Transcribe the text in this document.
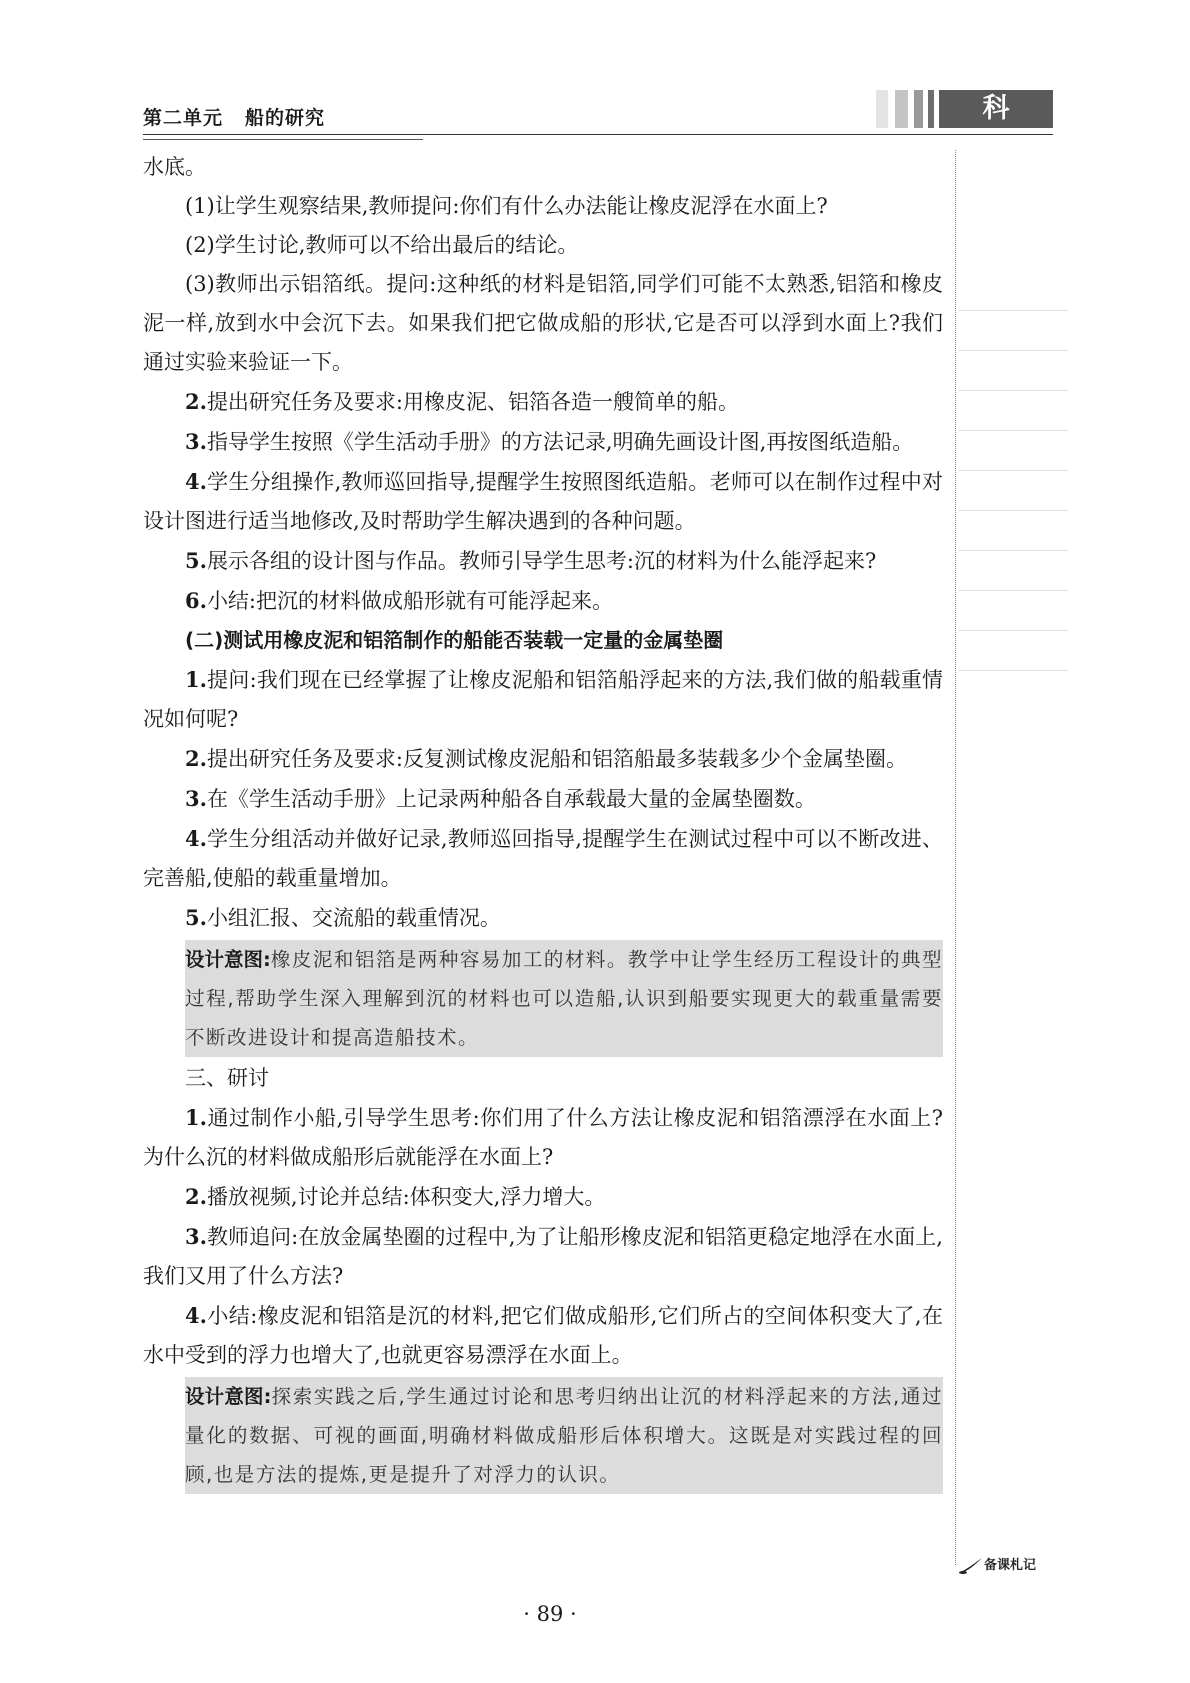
第二单元 船的研究	科 学

水底。

(1)让学生观察结果,教师提问:你们有什么办法能让橡皮泥浮在水面上?

(2)学生讨论,教师可以不给出最后的结论。

(3)教师出示铝箔纸。提问:这种纸的材料是铝箔,同学们可能不太熟悉,铝箔和橡皮泥一样,放到水中会沉下去。如果我们把它做成船的形状,它是否可以浮到水面上?我们通过实验来验证一下。

2.提出研究任务及要求:用橡皮泥、铝箔各造一艘简单的船。

3.指导学生按照《学生活动手册》的方法记录,明确先画设计图,再按图纸造船。

4.学生分组操作,教师巡回指导,提醒学生按照图纸造船。老师可以在制作过程中对设计图进行适当地修改,及时帮助学生解决遇到的各种问题。

5.展示各组的设计图与作品。教师引导学生思考:沉的材料为什么能浮起来?

6.小结:把沉的材料做成船形就有可能浮起来。

(二)测试用橡皮泥和铝箔制作的船能否装载一定量的金属垫圈

1.提问:我们现在已经掌握了让橡皮泥船和铝箔船浮起来的方法,我们做的船载重情况如何呢?

2.提出研究任务及要求:反复测试橡皮泥船和铝箔船最多装载多少个金属垫圈。

3.在《学生活动手册》上记录两种船各自承载最大量的金属垫圈数。

4.学生分组活动并做好记录,教师巡回指导,提醒学生在测试过程中可以不断改进、完善船,使船的载重量增加。

5.小组汇报、交流船的载重情况。

设计意图:橡皮泥和铝箔是两种容易加工的材料。教学中让学生经历工程设计的典型过程,帮助学生深入理解到沉的材料也可以造船,认识到船要实现更大的载重量需要不断改进设计和提高造船技术。
三、研讨

1.通过制作小船,引导学生思考:你们用了什么方法让橡皮泥和铝箔漂浮在水面上?为什么沉的材料做成船形后就能浮在水面上?

2.播放视频,讨论并总结:体积变大,浮力增大。

3.教师追问:在放金属垫圈的过程中,为了让船形橡皮泥和铝箔更稳定地浮在水面上,我们又用了什么方法?

4.小结:橡皮泥和铝箔是沉的材料,把它们做成船形,它们所占的空间体积变大了,在水中受到的浮力也增大了,也就更容易漂浮在水面上。

设计意图:探索实践之后,学生通过讨论和思考归纳出让沉的材料浮起来的方法,通过量化的数据、可视的画面,明确材料做成船形后体积增大。这既是对实践过程的回顾,也是方法的提炼,更是提升了对浮力的认识。
备课札记
· 89 ·
